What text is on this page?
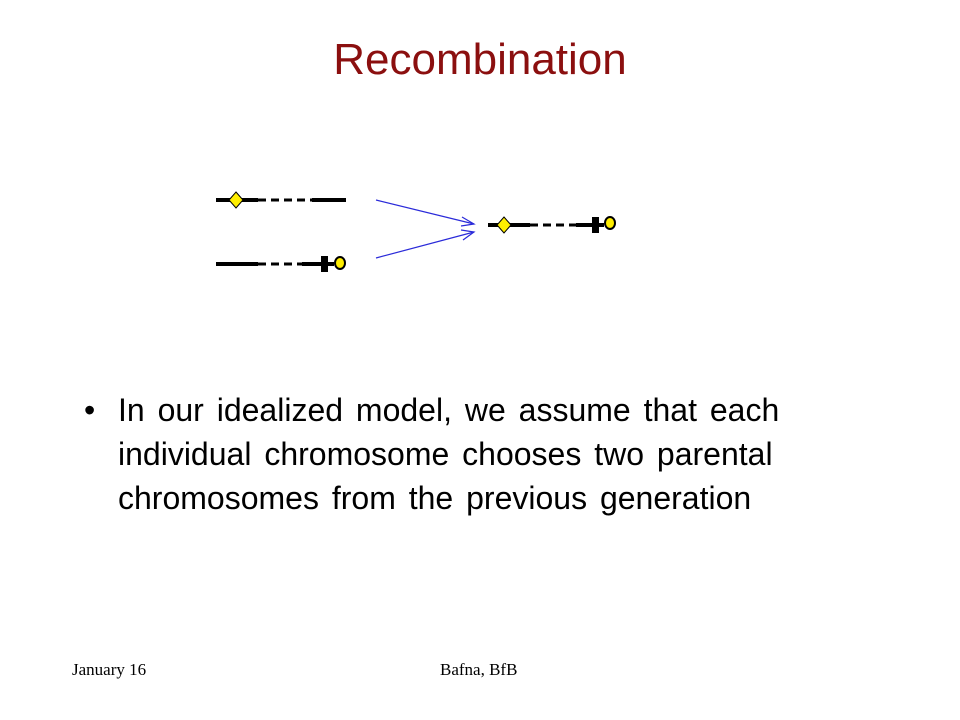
Recombination
• In our idealized model, we assume that each individual chromosome chooses two parental chromosomes from the previous generation
January 16	Bafna, BfB
